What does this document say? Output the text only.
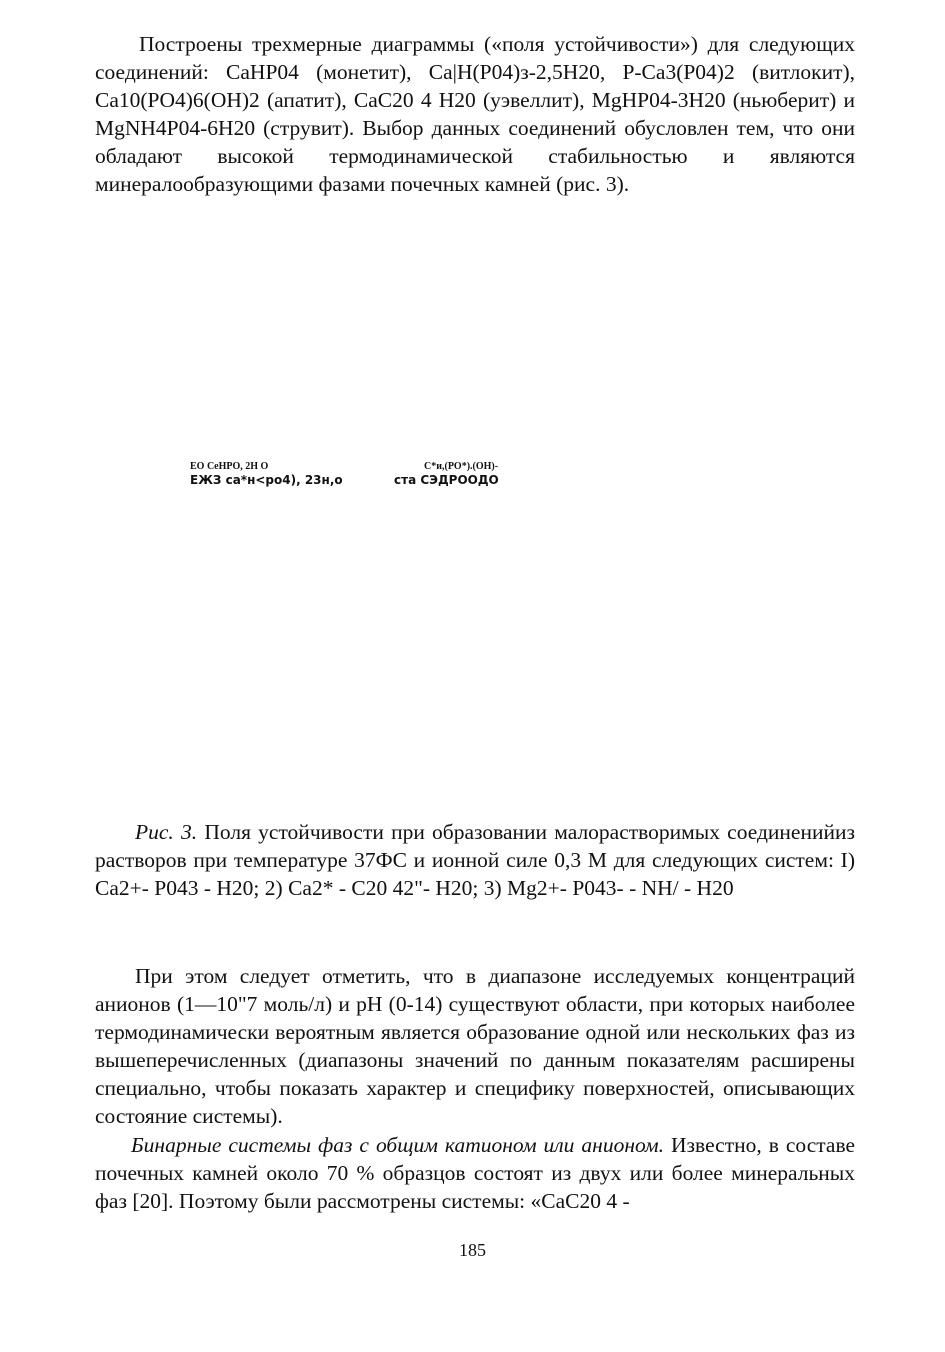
Построены трехмерные диаграммы («поля устойчивости») для следующих соединений: CaHP04 (монетит), Ca|H(P04)з-2,5H20, P-Ca3(P04)2 (витлокит), Ca10(PO4)6(OH)2 (апатит), CaC20 4 H20 (уэвеллит), MgHP04-3H20 (ньюберит) и MgNH4P04-6H20 (струвит). Выбор данных соединений обусловлен тем, что они обладают высокой термодинамической стабильностью и являются минералообразующими фазами почечных камней (рис. 3).

ЕО CeHPO, 2H O	C*и,(PO*).(OH)-
ЕЖЗ ca*н<po4), 23н,о	cта CЭДPOOДO

Рис. 3. Поля устойчивости при образовании малорастворимых соединенийиз растворов при температуре 37ФС и ионной силе 0,3 М для следующих систем: I) Ca2+- P043 - H20; 2) Ca2* - C20 42"- H20; 3) Mg2+- P043- - NH/ - H20

При этом следует отметить, что в диапазоне исследуемых концентраций анионов (1—10"7 моль/л) и pH (0-14) существуют области, при которых наиболее термодинамически вероятным является образование одной или нескольких фаз из вышеперечисленных (диапазоны значений по данным показателям расширены специально, чтобы показать характер и специфику поверхностей, описывающих состояние системы).

Бинарные системы фаз с общим катионом или анионом. Известно, в составе почечных камней около 70 % образцов состоят из двух или более минеральных фаз [20]. Поэтому были рассмотрены системы: «CaC20 4 -

185
